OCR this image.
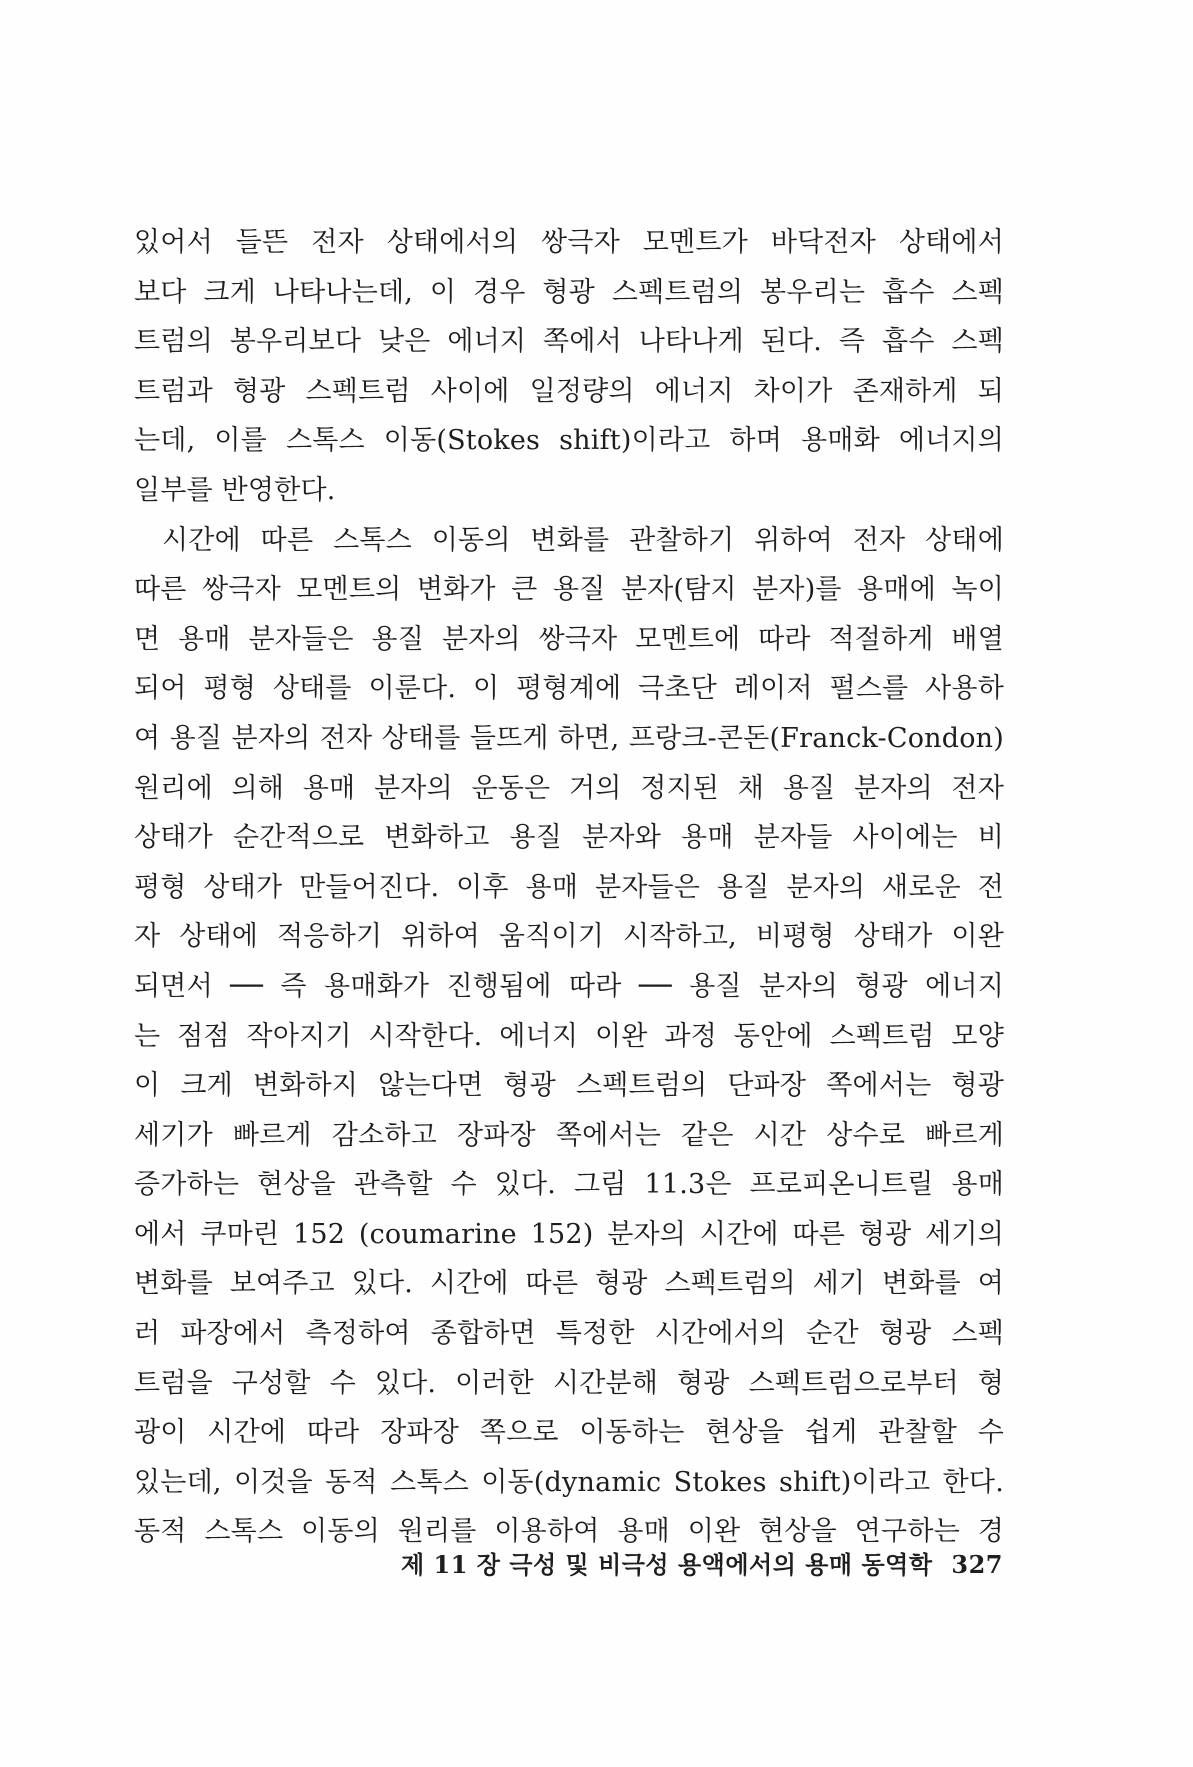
있어서 들뜬 전자 상태에서의 쌍극자 모멘트가 바닥전자 상태에서
보다 크게 나타나는데, 이 경우 형광 스펙트럼의 봉우리는 흡수 스펙
트럼의 봉우리보다 낮은 에너지 쪽에서 나타나게 된다. 즉 흡수 스펙
트럼과 형광 스펙트럼 사이에 일정량의 에너지 차이가 존재하게 되
는데, 이를 스톡스 이동(Stokes shift)이라고 하며 용매화 에너지의
일부를 반영한다.
시간에 따른 스톡스 이동의 변화를 관찰하기 위하여 전자 상태에
따른 쌍극자 모멘트의 변화가 큰 용질 분자(탐지 분자)를 용매에 녹이
면 용매 분자들은 용질 분자의 쌍극자 모멘트에 따라 적절하게 배열
되어 평형 상태를 이룬다. 이 평형계에 극초단 레이저 펄스를 사용하
여 용질 분자의 전자 상태를 들뜨게 하면, 프랑크-콘돈(Franck-Condon)
원리에 의해 용매 분자의 운동은 거의 정지된 채 용질 분자의 전자
상태가 순간적으로 변화하고 용질 분자와 용매 분자들 사이에는 비
평형 상태가 만들어진다. 이후 용매 분자들은 용질 분자의 새로운 전
자 상태에 적응하기 위하여 움직이기 시작하고, 비평형 상태가 이완
되면서 ── 즉 용매화가 진행됨에 따라 ── 용질 분자의 형광 에너지
는 점점 작아지기 시작한다. 에너지 이완 과정 동안에 스펙트럼 모양
이 크게 변화하지 않는다면 형광 스펙트럼의 단파장 쪽에서는 형광
세기가 빠르게 감소하고 장파장 쪽에서는 같은 시간 상수로 빠르게
증가하는 현상을 관측할 수 있다. 그림 11.3은 프로피온니트릴 용매
에서 쿠마린 152 (coumarine 152) 분자의 시간에 따른 형광 세기의
변화를 보여주고 있다. 시간에 따른 형광 스펙트럼의 세기 변화를 여
러 파장에서 측정하여 종합하면 특정한 시간에서의 순간 형광 스펙
트럼을 구성할 수 있다. 이러한 시간분해 형광 스펙트럼으로부터 형
광이 시간에 따라 장파장 쪽으로 이동하는 현상을 쉽게 관찰할 수
있는데, 이것을 동적 스톡스 이동(dynamic Stokes shift)이라고 한다.
동적 스톡스 이동의 원리를 이용하여 용매 이완 현상을 연구하는 경
제 11 장 극성 및 비극성 용액에서의 용매 동역학 327
